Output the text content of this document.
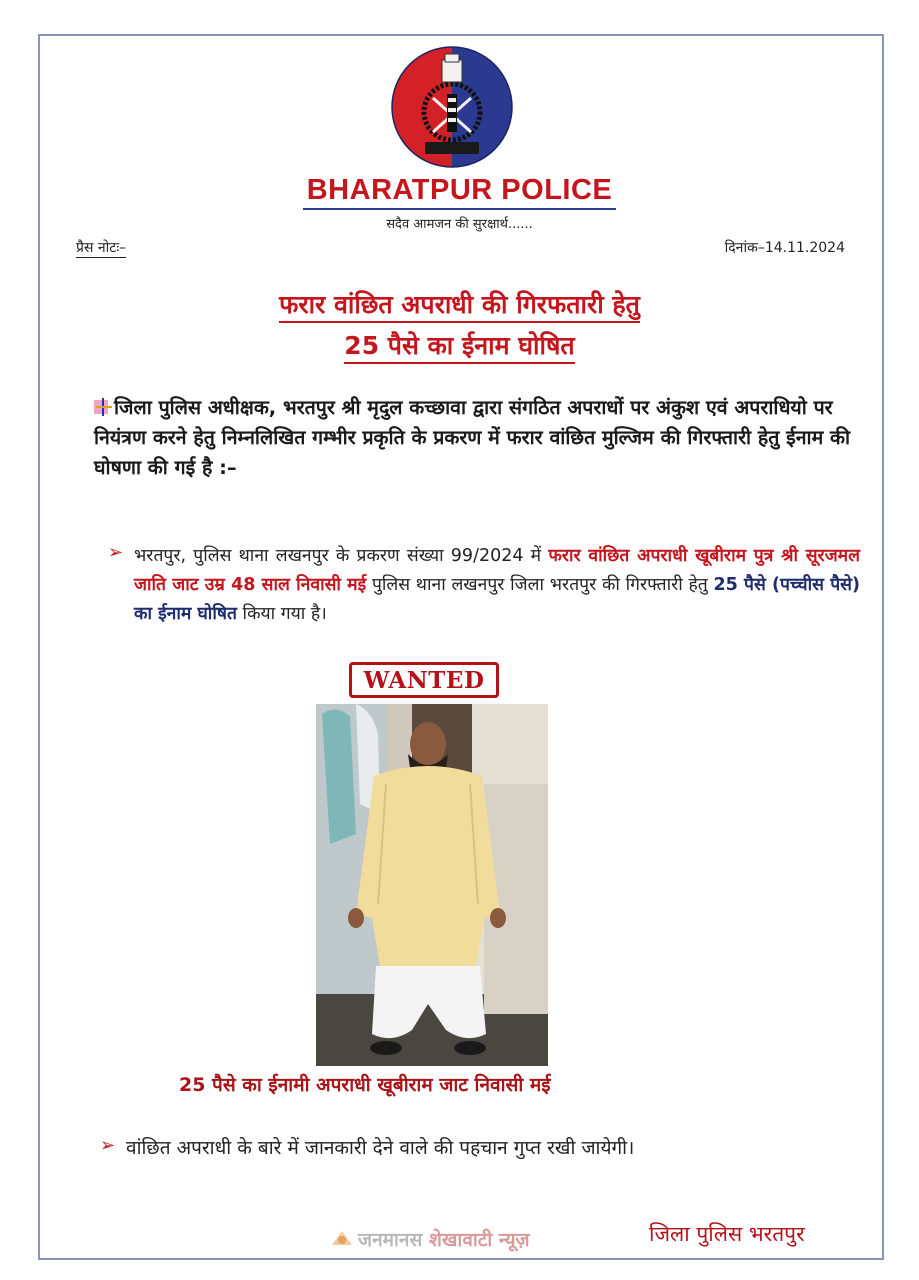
BHARATPUR POLICE
सदैव आमजन की सुरक्षार्थ......
प्रैस नोटः–	दिनांक–14.11.2024
फरार वांछित अपराधी की गिरफतारी हेतु
25 पैसे का ईनाम घोषित
जिला पुलिस अधीक्षक, भरतपुर श्री मृदुल कच्छावा द्वारा संगठित अपराधों पर अंकुश एवं अपराधियो पर नियंत्रण करने हेतु निम्नलिखित गम्भीर प्रकृति के प्रकरण में फरार वांछित मुल्जिम की गिरफ्तारी हेतु ईनाम की घोषणा की गई है :–
➢ भरतपुर, पुलिस थाना लखनपुर के प्रकरण संख्या 99/2024 में फरार वांछित अपराधी खूबीराम पुत्र श्री सूरजमल जाति जाट उम्र 48 साल निवासी मई पुलिस थाना लखनपुर जिला भरतपुर की गिरफ्तारी हेतु 25 पैसे (पच्चीस पैसे) का ईनाम घोषित किया गया है।
WANTED
25 पैसे का ईनामी अपराधी खूबीराम जाट निवासी मई
➢ वांछित अपराधी के बारे में जानकारी देने वाले की पहचान गुप्त रखी जायेगी।
जनमानस शेखावाटी न्यूज़	जिला पुलिस भरतपुर
